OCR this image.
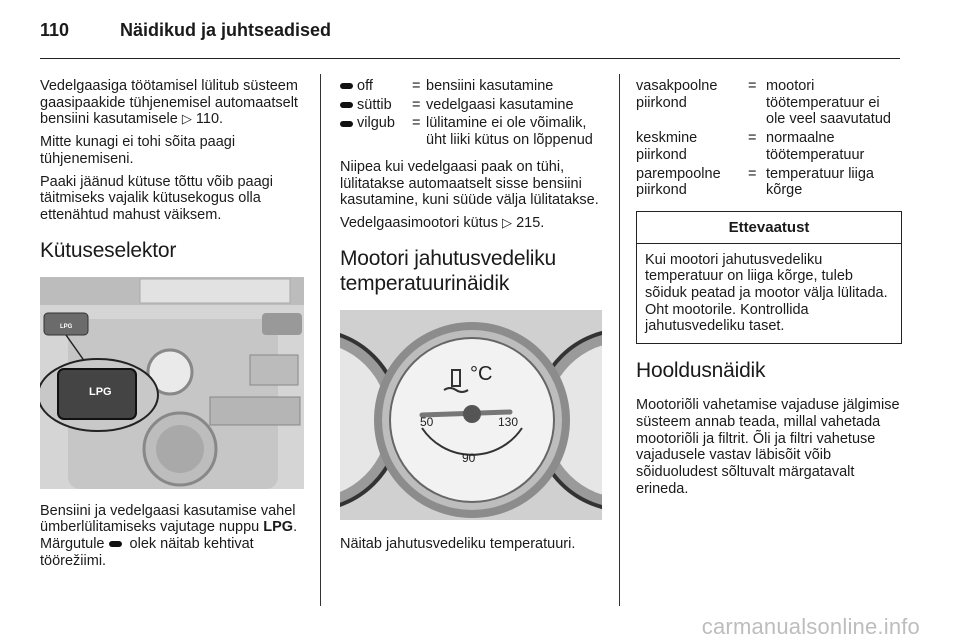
110	Näidikud ja juhtseadised

Vedelgaasiga töötamisel lülitub süsteem gaasipaakide tühjenemisel automaatselt bensiini kasutamisele ▷ 110.

Mitte kunagi ei tohi sõita paagi tühjenemiseni.

Paaki jäänud kütuse tõttu võib paagi täitmiseks vajalik kütusekogus olla ettenähtud mahust väiksem.

Kütuseselektor
LPG
LPG

Bensiini ja vedelgaasi kasutamise vahel ümberlülitamiseks vajutage nuppu LPG. Märgutule  olek näitab kehtivat töörežiimi.

off	=	bensiini kasutamine
süttib	=	vedelgaasi kasutamine
vilgub	=	lülitamine ei ole võimalik, üht liiki kütus on lõppenud

Niipea kui vedelgaasi paak on tühi, lülitatakse automaatselt sisse bensiini kasutamine, kuni süüde välja lülitatakse.

Vedelgaasimootori kütus ▷ 215.

Mootori jahutusvedeliku temperatuurinäidik
°C
50
90
130

Näitab jahutusvedeliku temperatuuri.

vasakpoolne piirkond	=	mootori töötemperatuur ei ole veel saavutatud
keskmine piirkond	=	normaalne töötemperatuur
parempoolne piirkond	=	temperatuur liiga kõrge
Ettevaatust
Kui mootori jahutusvedeliku temperatuur on liiga kõrge, tuleb sõiduk peatad ja mootor välja lülitada. Oht mootorile. Kontrollida jahutusvedeliku taset.
Hooldusnäidik

Mootoriõli vahetamise vajaduse jälgimise süsteem annab teada, millal vahetada mootoriõli ja filtrit. Õli ja filtri vahetuse vajadusele vastav läbisõit võib sõiduoludest sõltuvalt märgatavalt erineda.

carmanualsonline.info
